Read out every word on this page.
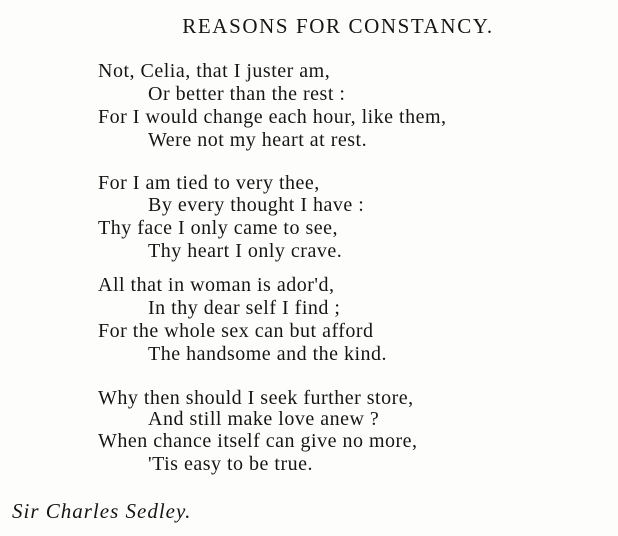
REASONS FOR CONSTANCY.
Not, Celia, that I juster am,
Or better than the rest :
For I would change each hour, like them,
Were not my heart at rest.
For I am tied to very thee,
By every thought I have :
Thy face I only came to see,
Thy heart I only crave.
All that in woman is ador'd,
In thy dear self I find ;
For the whole sex can but afford
The handsome and the kind.
Why then should I seek further store,
And still make love anew ?
When chance itself can give no more,
'Tis easy to be true.
Sir Charles Sedley.
